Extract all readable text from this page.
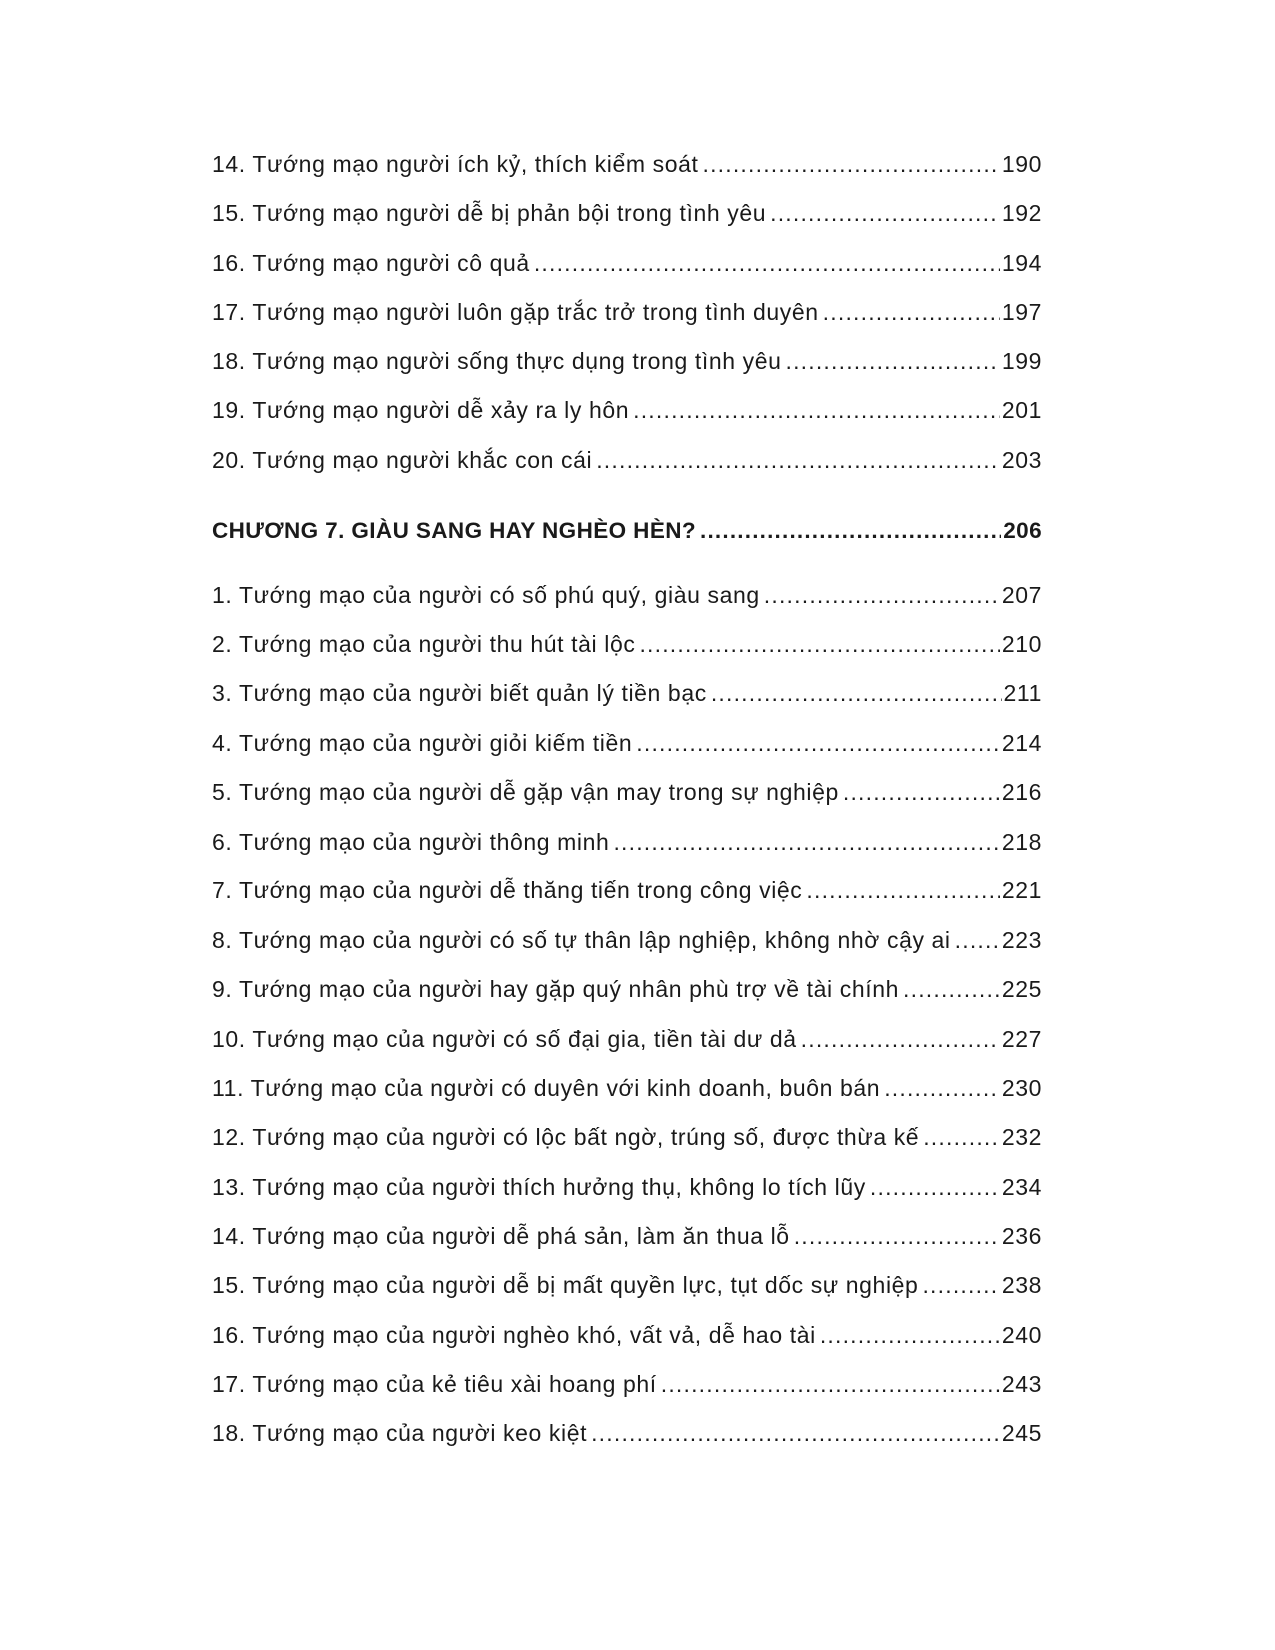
14. Tướng mạo người ích kỷ, thích kiểm soát .....	190
15. Tướng mạo người dễ bị phản bội trong tình yêu .....	192
16. Tướng mạo người cô quả .....	194
17. Tướng mạo người luôn gặp trắc trở trong tình duyên .....	197
18. Tướng mạo người sống thực dụng trong tình yêu .....	199
19. Tướng mạo người dễ xảy ra ly hôn .....	201
20. Tướng mạo người khắc con cái .....	203
CHƯƠNG 7. GIÀU SANG HAY NGHÈO HÈN? .....	206
1. Tướng mạo của người có số phú quý, giàu sang .....	207
2. Tướng mạo của người thu hút tài lộc .....	210
3. Tướng mạo của người biết quản lý tiền bạc .....	211
4. Tướng mạo của người giỏi kiếm tiền .....	214
5. Tướng mạo của người dễ gặp vận may trong sự nghiệp .....	216
6. Tướng mạo của người thông minh .....	218
7. Tướng mạo của người dễ thăng tiến trong công việc .....	221
8. Tướng mạo của người có số tự thân lập nghiệp, không nhờ cậy ai ..... 223
9. Tướng mạo của người hay gặp quý nhân phù trợ về tài chính .....	225
10. Tướng mạo của người có số đại gia, tiền tài dư dả .....	227
11. Tướng mạo của người có duyên với kinh doanh, buôn bán .....	230
12. Tướng mạo của người có lộc bất ngờ, trúng số, được thừa kế .....	232
13. Tướng mạo của người thích hưởng thụ, không lo tích lũy .....	234
14. Tướng mạo của người dễ phá sản, làm ăn thua lỗ .....	236
15. Tướng mạo của người dễ bị mất quyền lực, tụt dốc sự nghiệp .....	238
16. Tướng mạo của người nghèo khó, vất vả, dễ hao tài .....	240
17. Tướng mạo của kẻ tiêu xài hoang phí .....	243
18. Tướng mạo của người keo kiệt .....	245
